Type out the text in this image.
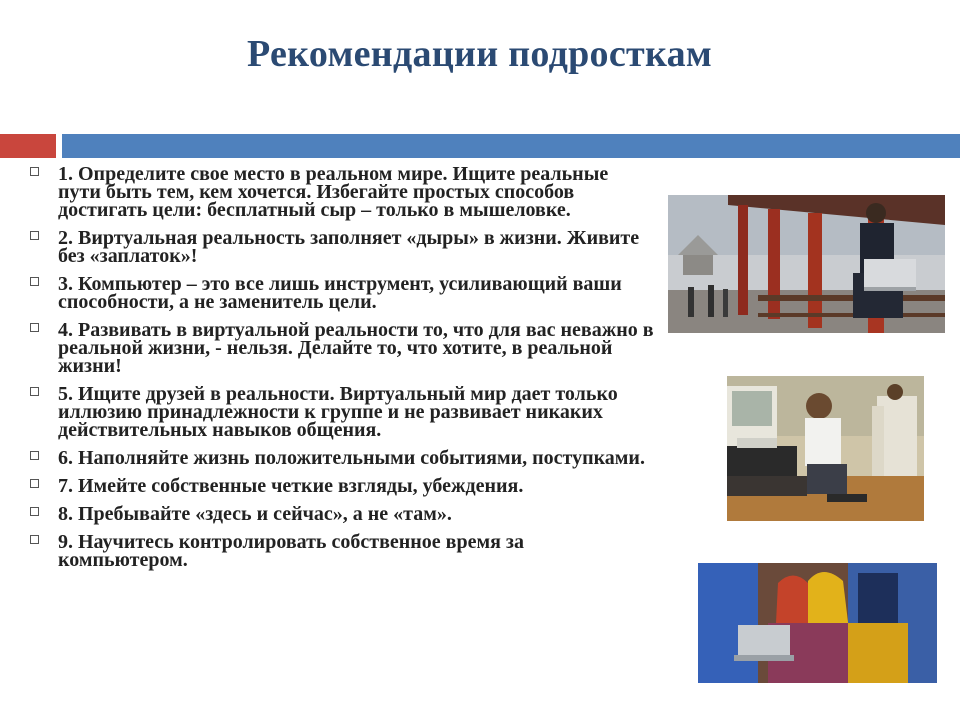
Рекомендации подросткам
1. Определите свое место в реальном мире. Ищите реальные пути быть тем, кем хочется. Избегайте простых способов достигать цели: бесплатный сыр – только в мышеловке.
2. Виртуальная реальность заполняет «дыры» в жизни. Живите без «заплаток»!
3. Компьютер – это все лишь инструмент, усиливающий ваши способности, а не заменитель цели.
4. Развивать в виртуальной реальности то, что для вас неважно в реальной жизни, - нельзя. Делайте то, что хотите, в реальной жизни!
5. Ищите друзей в реальности. Виртуальный мир дает только иллюзию принадлежности к группе и не развивает никаких действительных навыков общения.
6. Наполняйте жизнь положительными событиями, поступками.
7. Имейте собственные четкие взгляды, убеждения.
8. Пребывайте «здесь и сейчас», а не «там».
9. Научитесь контролировать собственное время за компьютером.
